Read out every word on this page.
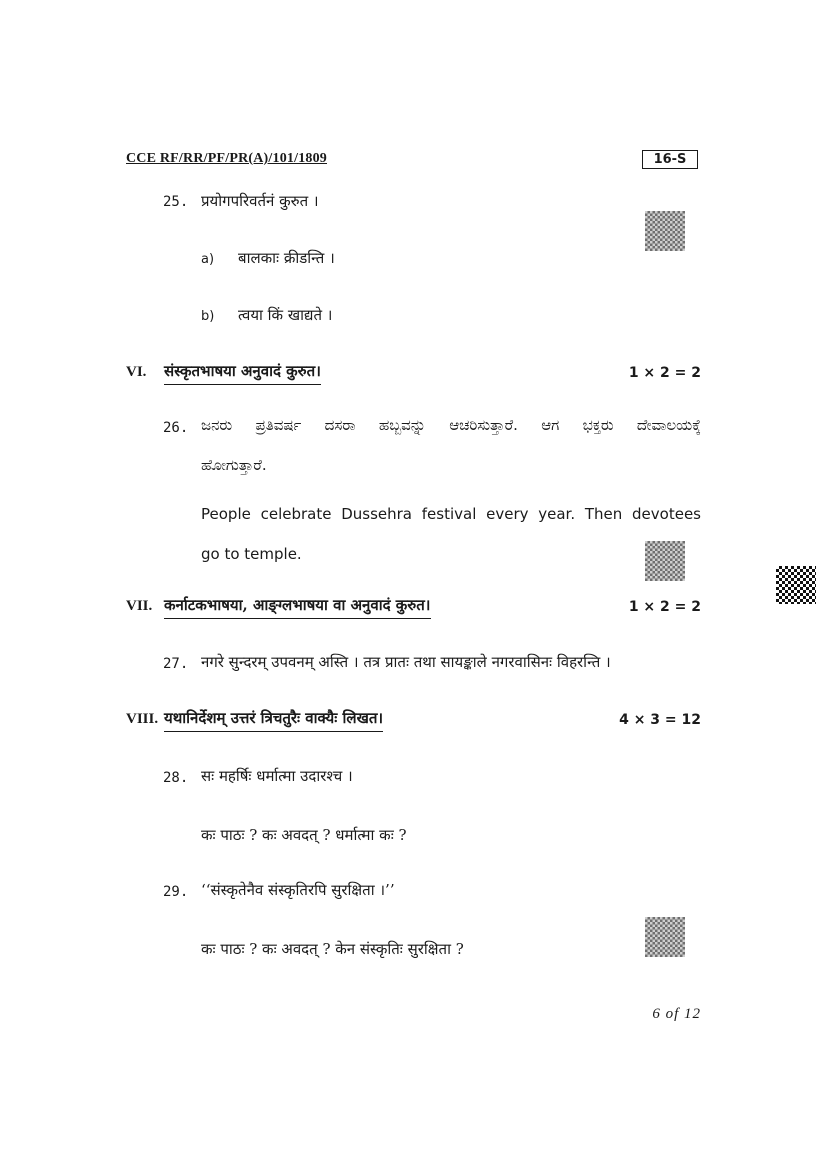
CCE RF/RR/PF/PR(A)/101/1809	16-S
25. प्रयोगपरिवर्तनं कुरुत ।
a) बालकाः क्रीडन्ति ।
b) त्वया किं खाद्यते ।
VI. संस्कृतभाषया अनुवादं कुरुत।	1 × 2 = 2
26. ಜನರು ಪ್ರತಿವರ್ಷ ದಸರಾ ಹಬ್ಬವನ್ನು ಆಚರಿಸುತ್ತಾರೆ. ಆಗ ಭಕ್ತರು ದೇವಾಲಯಕ್ಕೆ
ಹೋಗುತ್ತಾರೆ.
People celebrate Dussehra festival every year. Then devotees
go to temple.
VII. कर्नाटकभाषया, आङ्ग्लभाषया वा अनुवादं कुरुत।	1 × 2 = 2
27. नगरे सुन्दरम् उपवनम् अस्ति । तत्र प्रातः तथा सायङ्काले नगरवासिनः विहरन्ति ।
VIII. यथानिर्देशम् उत्तरं त्रिचतुरैः वाक्यैः लिखत।	4 × 3 = 12
28. सः महर्षिः धर्मात्मा उदारश्च ।
कः पाठः ? कः अवदत् ? धर्मात्मा कः ?
29. ‘‘संस्कृतेनैव संस्कृतिरपि सुरक्षिता ।’’
कः पाठः ? कः अवदत् ? केन संस्कृतिः सुरक्षिता ?
6 of 12
